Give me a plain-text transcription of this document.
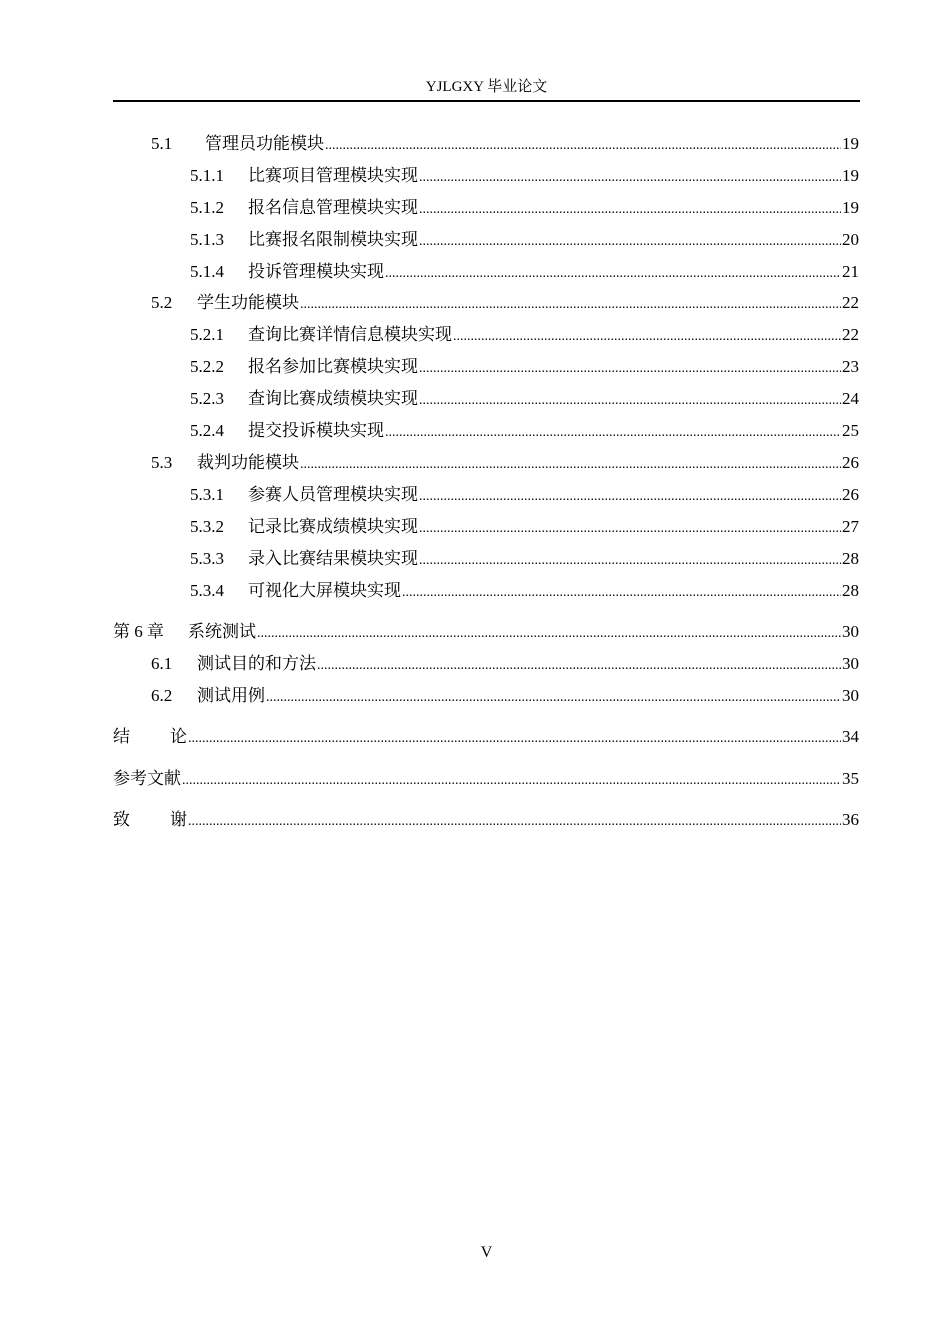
YJLGXY 毕业论文
5.1	管理员功能模块 .....	19
5.1.1	比赛项目管理模块实现 .....	19
5.1.2	报名信息管理模块实现 .....	19
5.1.3	比赛报名限制模块实现 .....	20
5.1.4	投诉管理模块实现 .....	21
5.2	学生功能模块 .....	22
5.2.1	查询比赛详情信息模块实现 .....	22
5.2.2	报名参加比赛模块实现 .....	23
5.2.3	查询比赛成绩模块实现 .....	24
5.2.4	提交投诉模块实现 .....	25
5.3	裁判功能模块 .....	26
5.3.1	参赛人员管理模块实现 .....	26
5.3.2	记录比赛成绩模块实现 .....	27
5.3.3	录入比赛结果模块实现 .....	28
5.3.4	可视化大屏模块实现 .....	28
第 6 章	系统测试 .....	30
6.1	测试目的和方法 .....	30
6.2	测试用例 .....	30
结	论 .....	34
参考文献 .....	35
致	谢 .....	36
V
